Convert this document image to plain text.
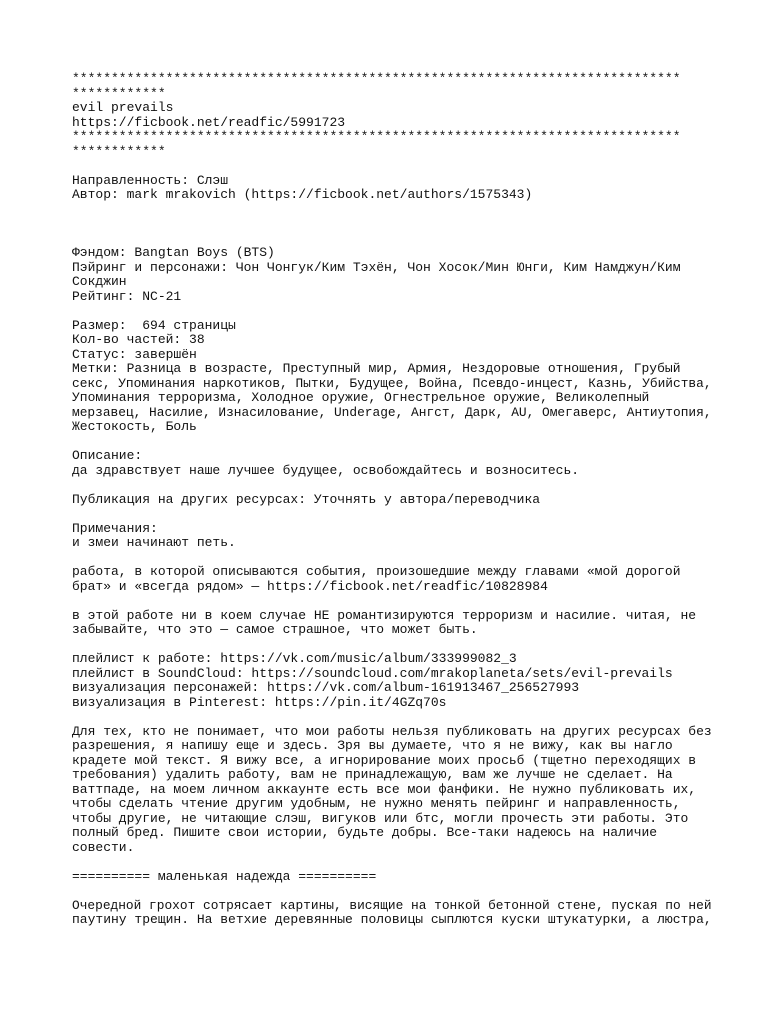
******************************************************************************
************
evil prevails
https://ficbook.net/readfic/5991723
******************************************************************************
************
Направленность: Слэш
Автор: mark mrakovich (https://ficbook.net/authors/1575343)
Фэндом: Bangtan Boys (BTS)
Пэйринг и персонажи: Чон Чонгук/Ким Тэхён, Чон Хосок/Мин Юнги, Ким Намджун/Ким
Сокджин
Рейтинг: NC-21
Размер:  694 страницы
Кол-во частей: 38
Статус: завершён
Метки: Разница в возрасте, Преступный мир, Армия, Нездоровые отношения, Грубый
секс, Упоминания наркотиков, Пытки, Будущее, Война, Псевдо-инцест, Казнь, Убийства,
Упоминания терроризма, Холодное оружие, Огнестрельное оружие, Великолепный
мерзавец, Насилие, Изнасилование, Underage, Ангст, Дарк, AU, Омегаверс, Антиутопия,
Жестокость, Боль
Описание:
да здравствует наше лучшее будущее, освобождайтесь и возноситесь.
Публикация на других ресурсах: Уточнять у автора/переводчика
Примечания:
и змеи начинают петь.
работа, в которой описываются события, произошедшие между главами «мой дорогой
брат» и «всегда рядом» — https://ficbook.net/readfic/10828984
в этой работе ни в коем случае НЕ романтизируются терроризм и насилие. читая, не
забывайте, что это — самое страшное, что может быть.
плейлист к работе: https://vk.com/music/album/333999082_3
плейлист в SoundCloud: https://soundcloud.com/mrakoplaneta/sets/evil-prevails
визуализация персонажей: https://vk.com/album-161913467_256527993
визуализация в Pinterest: https://pin.it/4GZq70s
Для тех, кто не понимает, что мои работы нельзя публиковать на других ресурсах без
разрешения, я напишу еще и здесь. Зря вы думаете, что я не вижу, как вы нагло
крадете мой текст. Я вижу все, а игнорирование моих просьб (тщетно переходящих в
требования) удалить работу, вам не принадлежащую, вам же лучше не сделает. На
ваттпаде, на моем личном аккаунте есть все мои фанфики. Не нужно публиковать их,
чтобы сделать чтение другим удобным, не нужно менять пейринг и направленность,
чтобы другие, не читающие слэш, вигуков или бтс, могли прочесть эти работы. Это
полный бред. Пишите свои истории, будьте добры. Все-таки надеюсь на наличие
совести.
========== маленькая надежда ==========
Очередной грохот сотрясает картины, висящие на тонкой бетонной стене, пуская по ней
паутину трещин. На ветхие деревянные половицы сыплются куски штукатурки, а люстра,
